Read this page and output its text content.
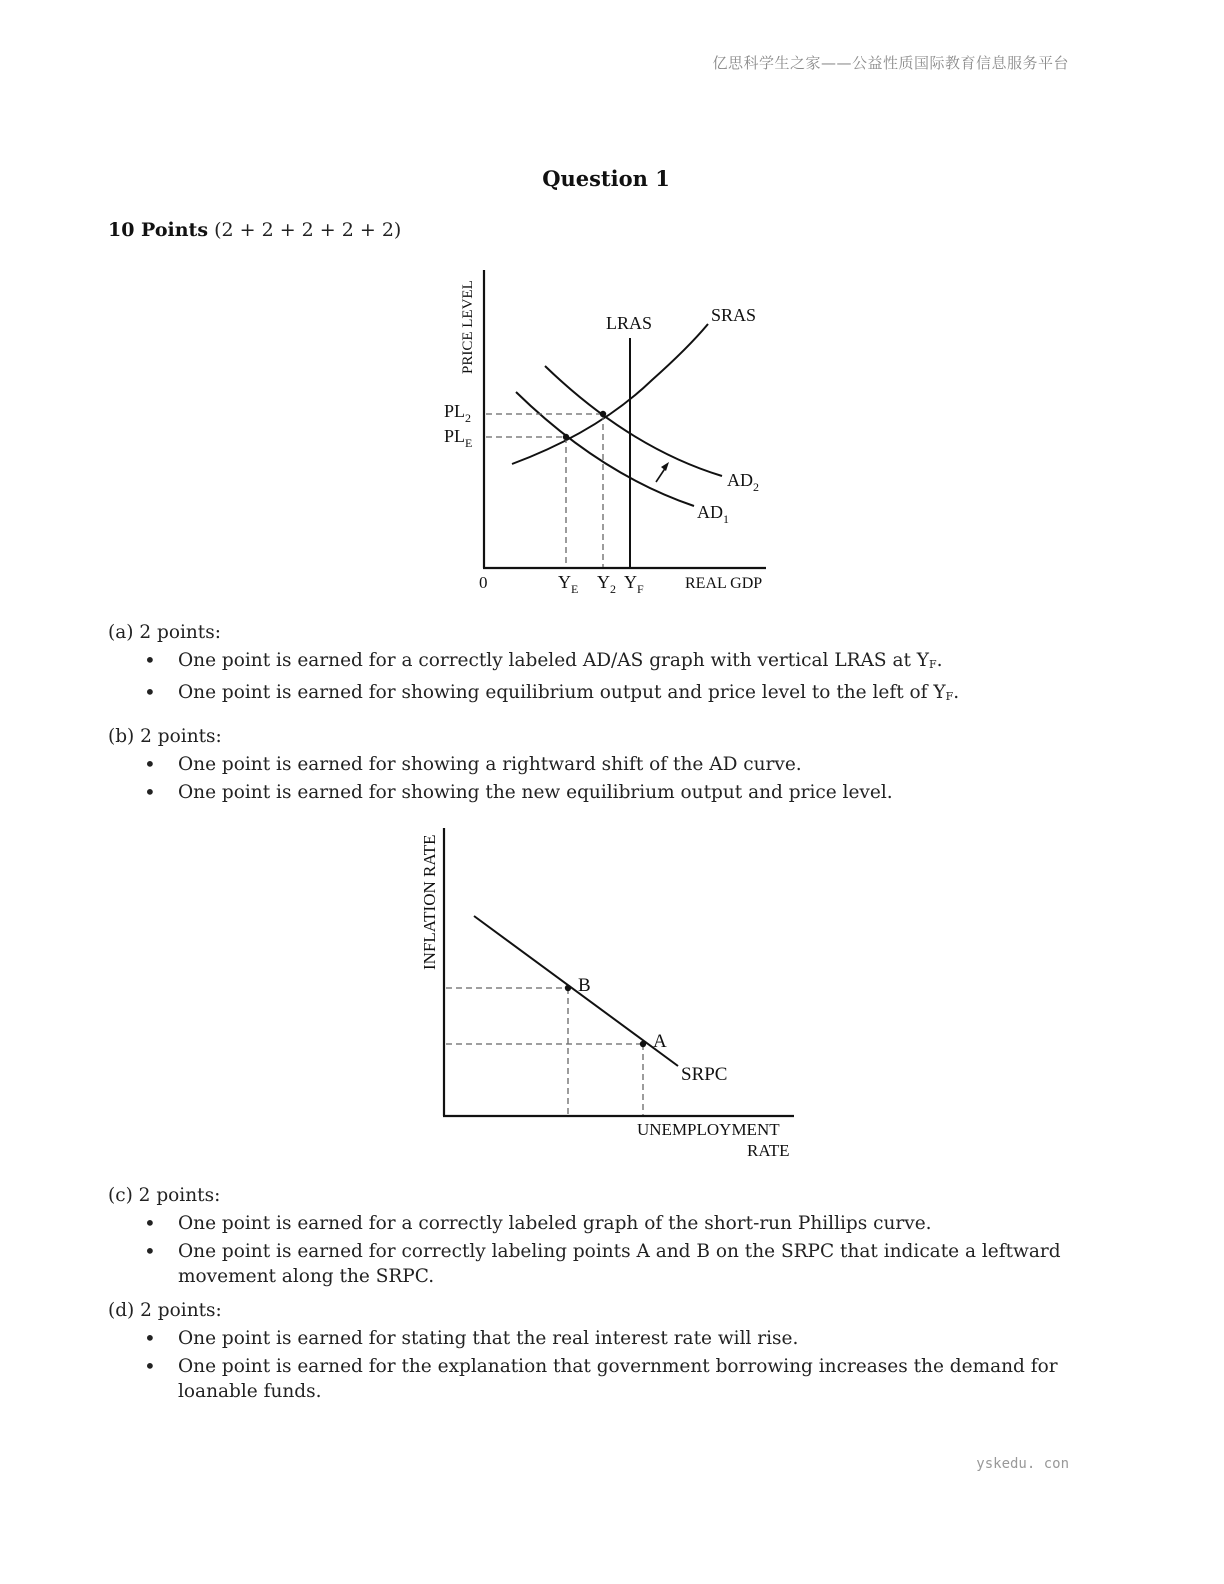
亿思科学生之家——公益性质国际教育信息服务平台
Question 1
10 Points (2 + 2 + 2 + 2 + 2)
PRICE LEVEL
REAL GDP
0
LRAS	SRAS
$AD_2$
$AD_1$
$PL_2$
$PL_E$
$Y_E$ $Y_2$ $Y_F$
(a) 2 points:
• One point is earned for a correctly labeled AD/AS graph with vertical LRAS at YF.
• One point is earned for showing equilibrium output and price level to the left of YF.
(b) 2 points:
• One point is earned for showing a rightward shift of the AD curve.
• One point is earned for showing the new equilibrium output and price level.
INFLATION RATE
UNEMPLOYMENT
RATE
SRPC
B
A
(c) 2 points:
• One point is earned for a correctly labeled graph of the short-run Phillips curve.
• One point is earned for correctly labeling points A and B on the SRPC that indicate a leftward movement along the SRPC.
(d) 2 points:
• One point is earned for stating that the real interest rate will rise.
• One point is earned for the explanation that government borrowing increases the demand for loanable funds.
yskedu. con
